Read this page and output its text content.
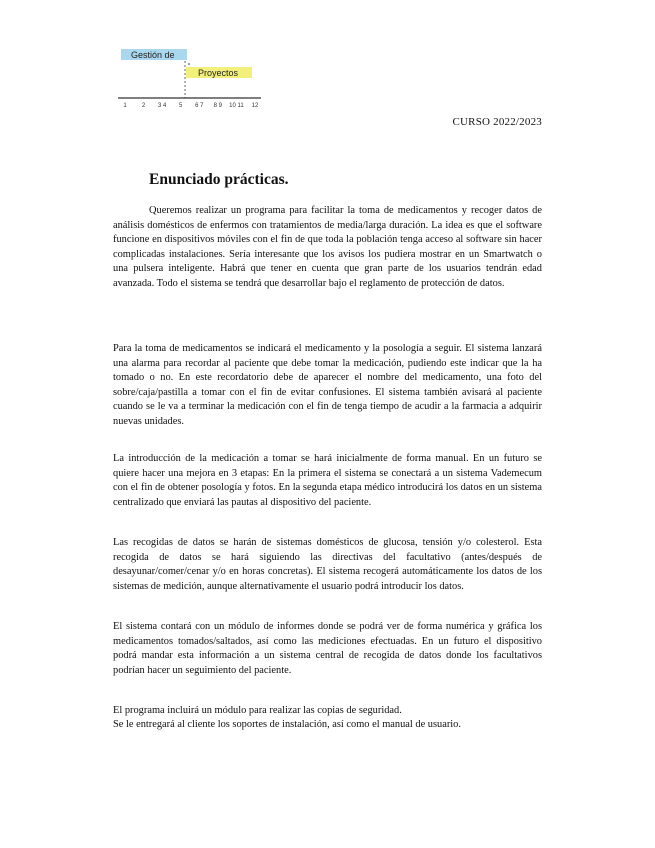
Gestión de
Proyectos
1	2 3 4 5 6 7 8 9 10 11 12
CURSO 2022/2023
Enunciado prácticas.
Queremos realizar un programa para facilitar la toma de medicamentos y recoger datos de análisis domésticos de enfermos con tratamientos de media/larga duración. La idea es que el software funcione en dispositivos móviles con el fin de que toda la población tenga acceso al software sin hacer complicadas instalaciones. Sería interesante que los avisos los pudiera mostrar en un Smartwatch o una pulsera inteligente. Habrá que tener en cuenta que gran parte de los usuarios tendrán edad avanzada. Todo el sistema se tendrá que desarrollar bajo el reglamento de protección de datos.
Para la toma de medicamentos se indicará el medicamento y la posología a seguir. El sistema lanzará una alarma para recordar al paciente que debe tomar la medicación, pudiendo este indicar que la ha tomado o no. En este recordatorio debe de aparecer el nombre del medicamento, una foto del sobre/caja/pastilla a tomar con el fin de evitar confusiones. El sistema también avisará al paciente cuando se le va a terminar la medicación con el fin de tenga tiempo de acudir a la farmacia a adquirir nuevas unidades.
La introducción de la medicación a tomar se hará inicialmente de forma manual. En un futuro se quiere hacer una mejora en 3 etapas: En la primera el sistema se conectará a un sistema Vademecum con el fin de obtener posología y fotos. En la segunda etapa médico introducirá los datos en un sistema centralizado que enviará las pautas al dispositivo del paciente.
Las recogidas de datos se harán de sistemas domésticos de glucosa, tensión y/o colesterol. Esta recogida de datos se hará siguiendo las directivas del facultativo (antes/después de desayunar/comer/cenar y/o en horas concretas). El sistema recogerá automáticamente los datos de los sistemas de medición, aunque alternativamente el usuario podrá introducir los datos.
El sistema contará con un módulo de informes donde se podrá ver de forma numérica y gráfica los medicamentos tomados/saltados, así como las mediciones efectuadas. En un futuro el dispositivo podrá mandar esta información a un sistema central de recogida de datos donde los facultativos podrían hacer un seguimiento del paciente.
El programa incluirá un módulo para realizar las copias de seguridad.
Se le entregará al cliente los soportes de instalación, así como el manual de usuario.
